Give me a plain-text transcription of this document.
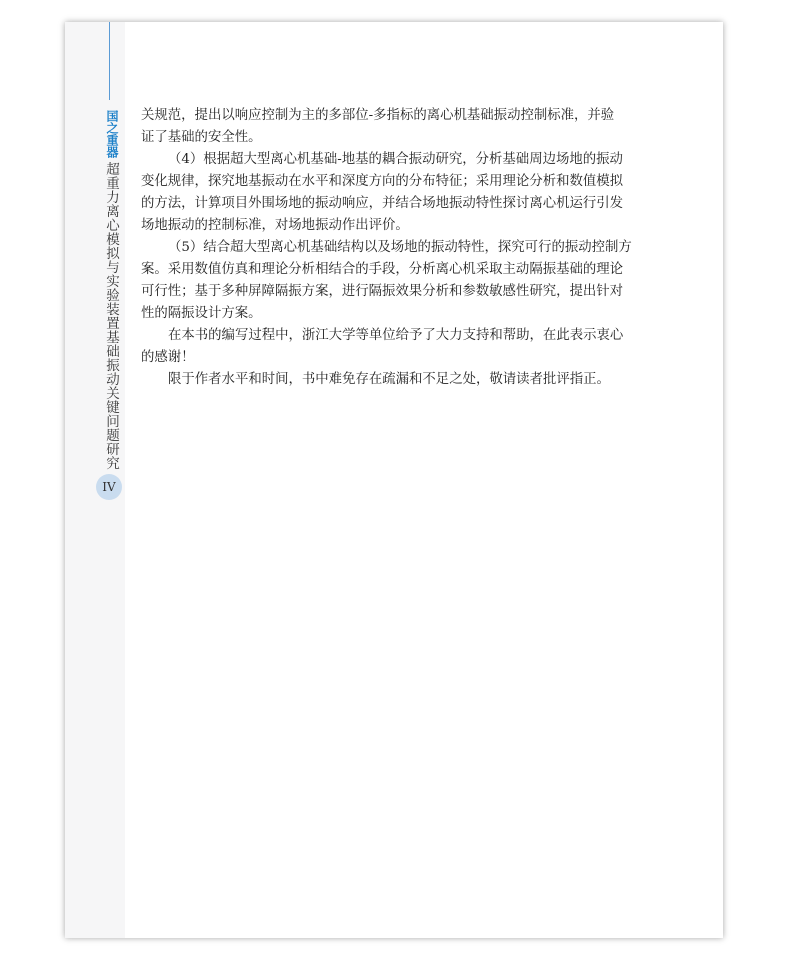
国之重器
超重力离心模拟与实验装置基础振动关键问题研究
IV
关规范，提出以响应控制为主的多部位-多指标的离心机基础振动控制标准，并验
证了基础的安全性。
（4）根据超大型离心机基础-地基的耦合振动研究，分析基础周边场地的振动
变化规律，探究地基振动在水平和深度方向的分布特征；采用理论分析和数值模拟
的方法，计算项目外围场地的振动响应，并结合场地振动特性探讨离心机运行引发
场地振动的控制标准，对场地振动作出评价。
（5）结合超大型离心机基础结构以及场地的振动特性，探究可行的振动控制方
案。采用数值仿真和理论分析相结合的手段，分析离心机采取主动隔振基础的理论
可行性；基于多种屏障隔振方案，进行隔振效果分析和参数敏感性研究，提出针对
性的隔振设计方案。
在本书的编写过程中，浙江大学等单位给予了大力支持和帮助，在此表示衷心
的感谢！
限于作者水平和时间，书中难免存在疏漏和不足之处，敬请读者批评指正。
